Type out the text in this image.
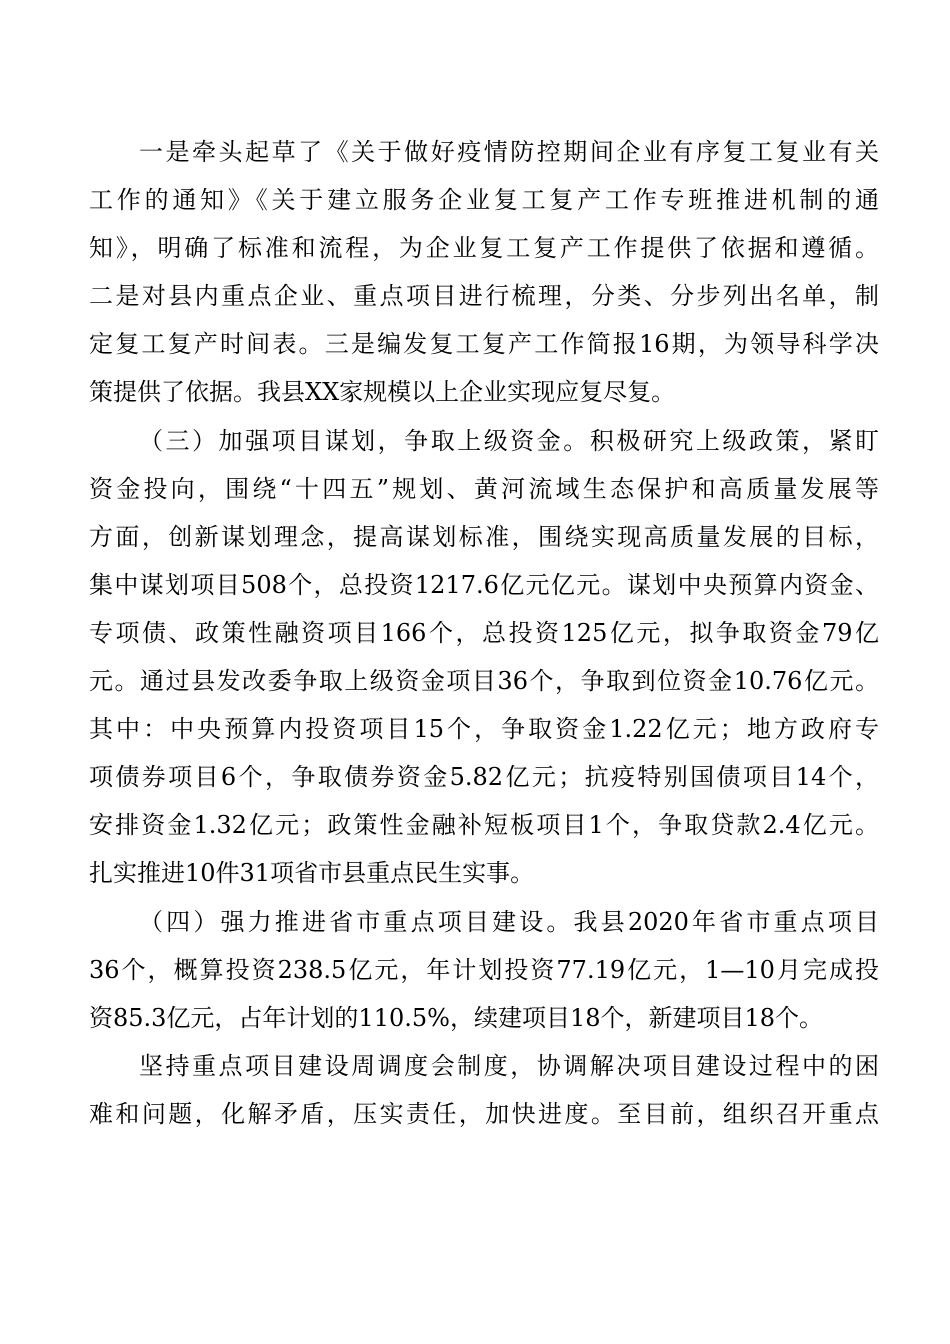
一是牵头起草了《关于做好疫情防控期间企业有序复工复业有关
工作的通知》《关于建立服务企业复工复产工作专班推进机制的通
知》，明确了标准和流程，为企业复工复产工作提供了依据和遵循。
二是对县内重点企业、重点项目进行梳理，分类、分步列出名单，制
定复工复产时间表。三是编发复工复产工作简报16期，为领导科学决
策提供了依据。我县XX家规模以上企业实现应复尽复。
（三）加强项目谋划，争取上级资金。积极研究上级政策，紧盯
资金投向，围绕“十四五”规划、黄河流域生态保护和高质量发展等
方面，创新谋划理念，提高谋划标准，围绕实现高质量发展的目标，
集中谋划项目508个，总投资1217.6亿元亿元。谋划中央预算内资金、
专项债、政策性融资项目166个，总投资125亿元，拟争取资金79亿
元。通过县发改委争取上级资金项目36个，争取到位资金10.76亿元。
其中：中央预算内投资项目15个，争取资金1.22亿元；地方政府专
项债券项目6个，争取债券资金5.82亿元；抗疫特别国债项目14个，
安排资金1.32亿元；政策性金融补短板项目1个，争取贷款2.4亿元。
扎实推进10件31项省市县重点民生实事。
（四）强力推进省市重点项目建设。我县2020年省市重点项目
36个，概算投资238.5亿元，年计划投资77.19亿元，1—10月完成投
资85.3亿元，占年计划的110.5%，续建项目18个，新建项目18个。
坚持重点项目建设周调度会制度，协调解决项目建设过程中的困
难和问题，化解矛盾，压实责任，加快进度。至目前，组织召开重点
